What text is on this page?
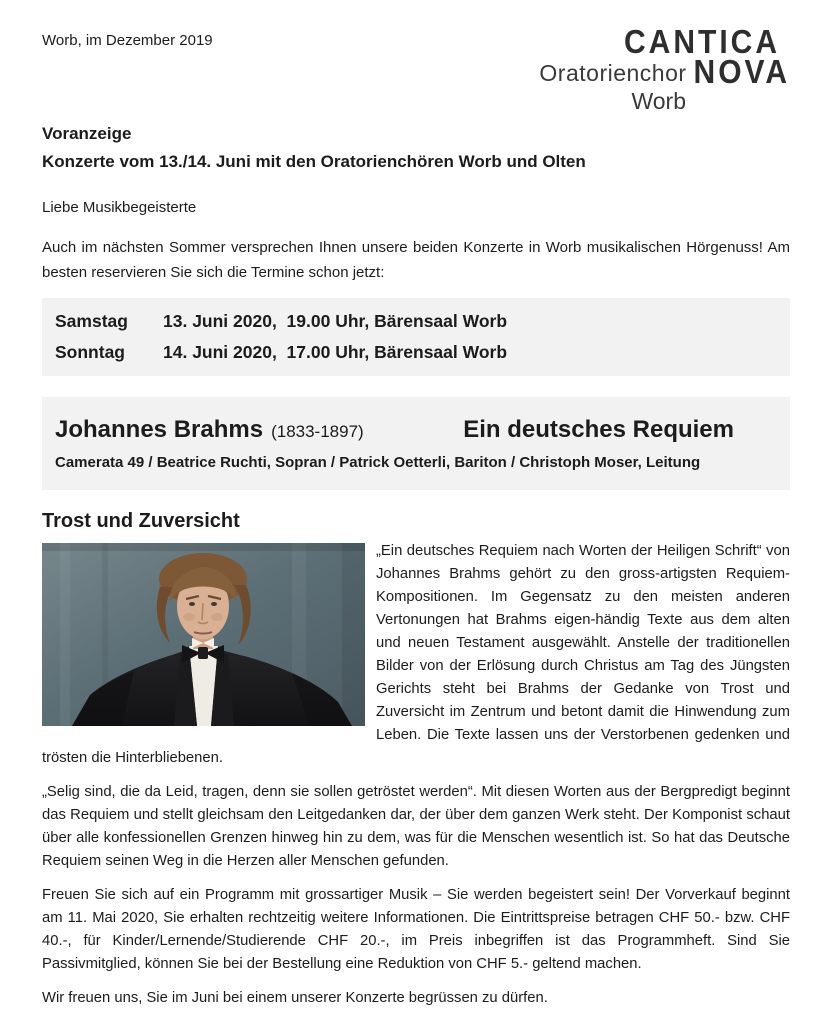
Worb, im Dezember 2019	CANTICA
Oratorienchor NOVA
Worb
Voranzeige
Konzerte vom 13./14. Juni mit den Oratorienchören Worb und Olten
Liebe Musikbegeisterte
Auch im nächsten Sommer versprechen Ihnen unsere beiden Konzerte in Worb musikalischen Hörgenuss! Am besten reservieren Sie sich die Termine schon jetzt:
Samstag	13. Juni 2020,  19.00 Uhr, Bärensaal Worb
Sonntag	14. Juni 2020,  17.00 Uhr, Bärensaal Worb
Johannes Brahms (1833-1897)	Ein deutsches Requiem
Camerata 49 / Beatrice Ruchti, Sopran / Patrick Oetterli, Bariton / Christoph Moser, Leitung
Trost und Zuversicht

„Ein deutsches Requiem nach Worten der Heiligen Schrift“ von Johannes Brahms gehört zu den gross-artigsten Requiem-Kompositionen. Im Gegensatz zu den meisten anderen Vertonungen hat Brahms eigen-händig Texte aus dem alten und neuen Testament ausgewählt. Anstelle der traditionellen Bilder von der Erlösung durch Christus am Tag des Jüngsten Gerichts steht bei Brahms der Gedanke von Trost und Zuversicht im Zentrum und betont damit die Hinwendung zum Leben. Die Texte lassen uns der Verstorbenen gedenken und trösten die Hinterbliebenen.

„Selig sind, die da Leid, tragen, denn sie sollen getröstet werden“. Mit diesen Worten aus der Bergpredigt beginnt das Requiem und stellt gleichsam den Leitgedanken dar, der über dem ganzen Werk steht. Der Komponist schaut über alle konfessionellen Grenzen hinweg hin zu dem, was für die Menschen wesentlich ist. So hat das Deutsche Requiem seinen Weg in die Herzen aller Menschen gefunden.

Freuen Sie sich auf ein Programm mit grossartiger Musik – Sie werden begeistert sein! Der Vorverkauf beginnt am 11. Mai 2020, Sie erhalten rechtzeitig weitere Informationen. Die Eintrittspreise betragen CHF 50.- bzw. CHF 40.-, für Kinder/Lernende/Studierende CHF 20.-, im Preis inbegriffen ist das Programmheft. Sind Sie Passivmitglied, können Sie bei der Bestellung eine Reduktion von CHF 5.- geltend machen.

Wir freuen uns, Sie im Juni bei einem unserer Konzerte begrüssen zu dürfen.
